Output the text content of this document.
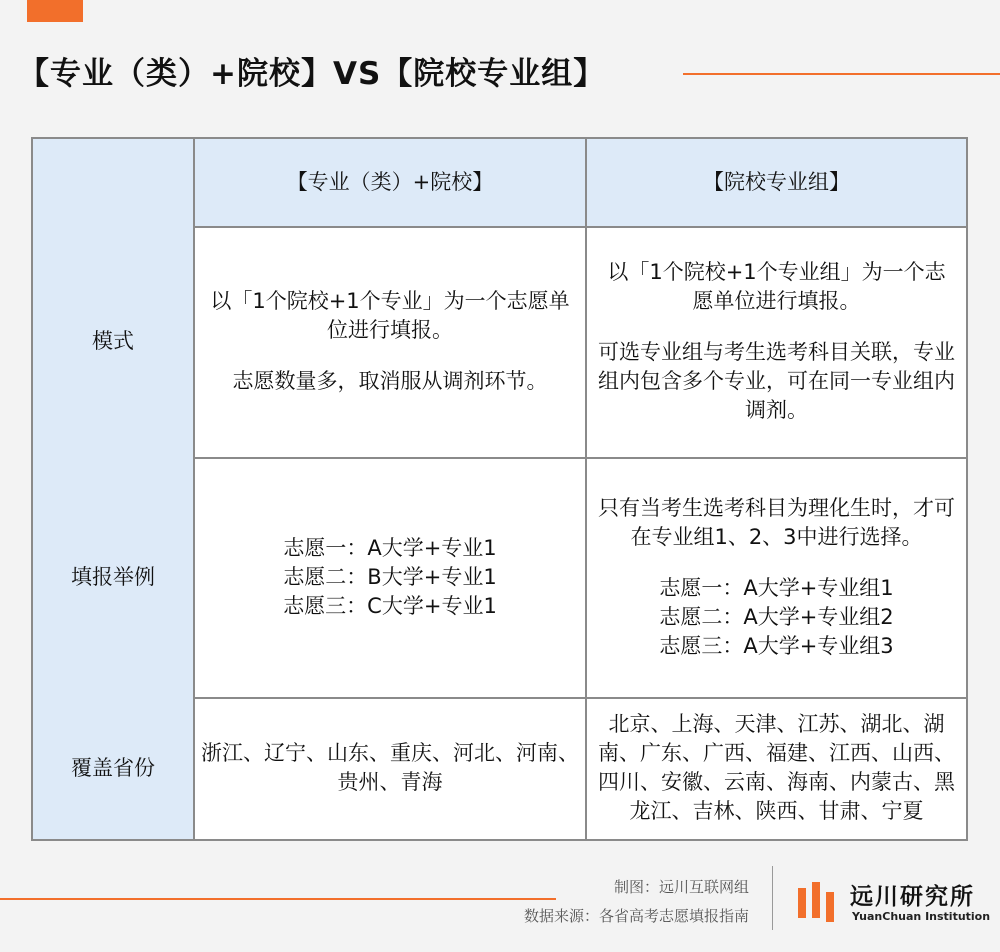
【专业（类）+院校】VS【院校专业组】
【专业（类）+院校】	【院校专业组】
模式
以「1个院校+1个专业」为一个志愿单位进行填报。
志愿数量多，取消服从调剂环节。
以「1个院校+1个专业组」为一个志愿单位进行填报。
可选专业组与考生选考科目关联，专业组内包含多个专业，可在同一专业组内调剂。
填报举例
志愿一：A大学+专业1
志愿二：B大学+专业1
志愿三：C大学+专业1
只有当考生选考科目为理化生时，才可在专业组1、2、3中进行选择。
志愿一：A大学+专业组1
志愿二：A大学+专业组2
志愿三：A大学+专业组3
覆盖省份
浙江、辽宁、山东、重庆、河北、河南、贵州、青海
北京、上海、天津、江苏、湖北、湖南、广东、广西、福建、江西、山西、四川、安徽、云南、海南、内蒙古、黑龙江、吉林、陕西、甘肃、宁夏
制图：远川互联网组
数据来源：各省高考志愿填报指南
远川研究所
YuanChuan Institution
